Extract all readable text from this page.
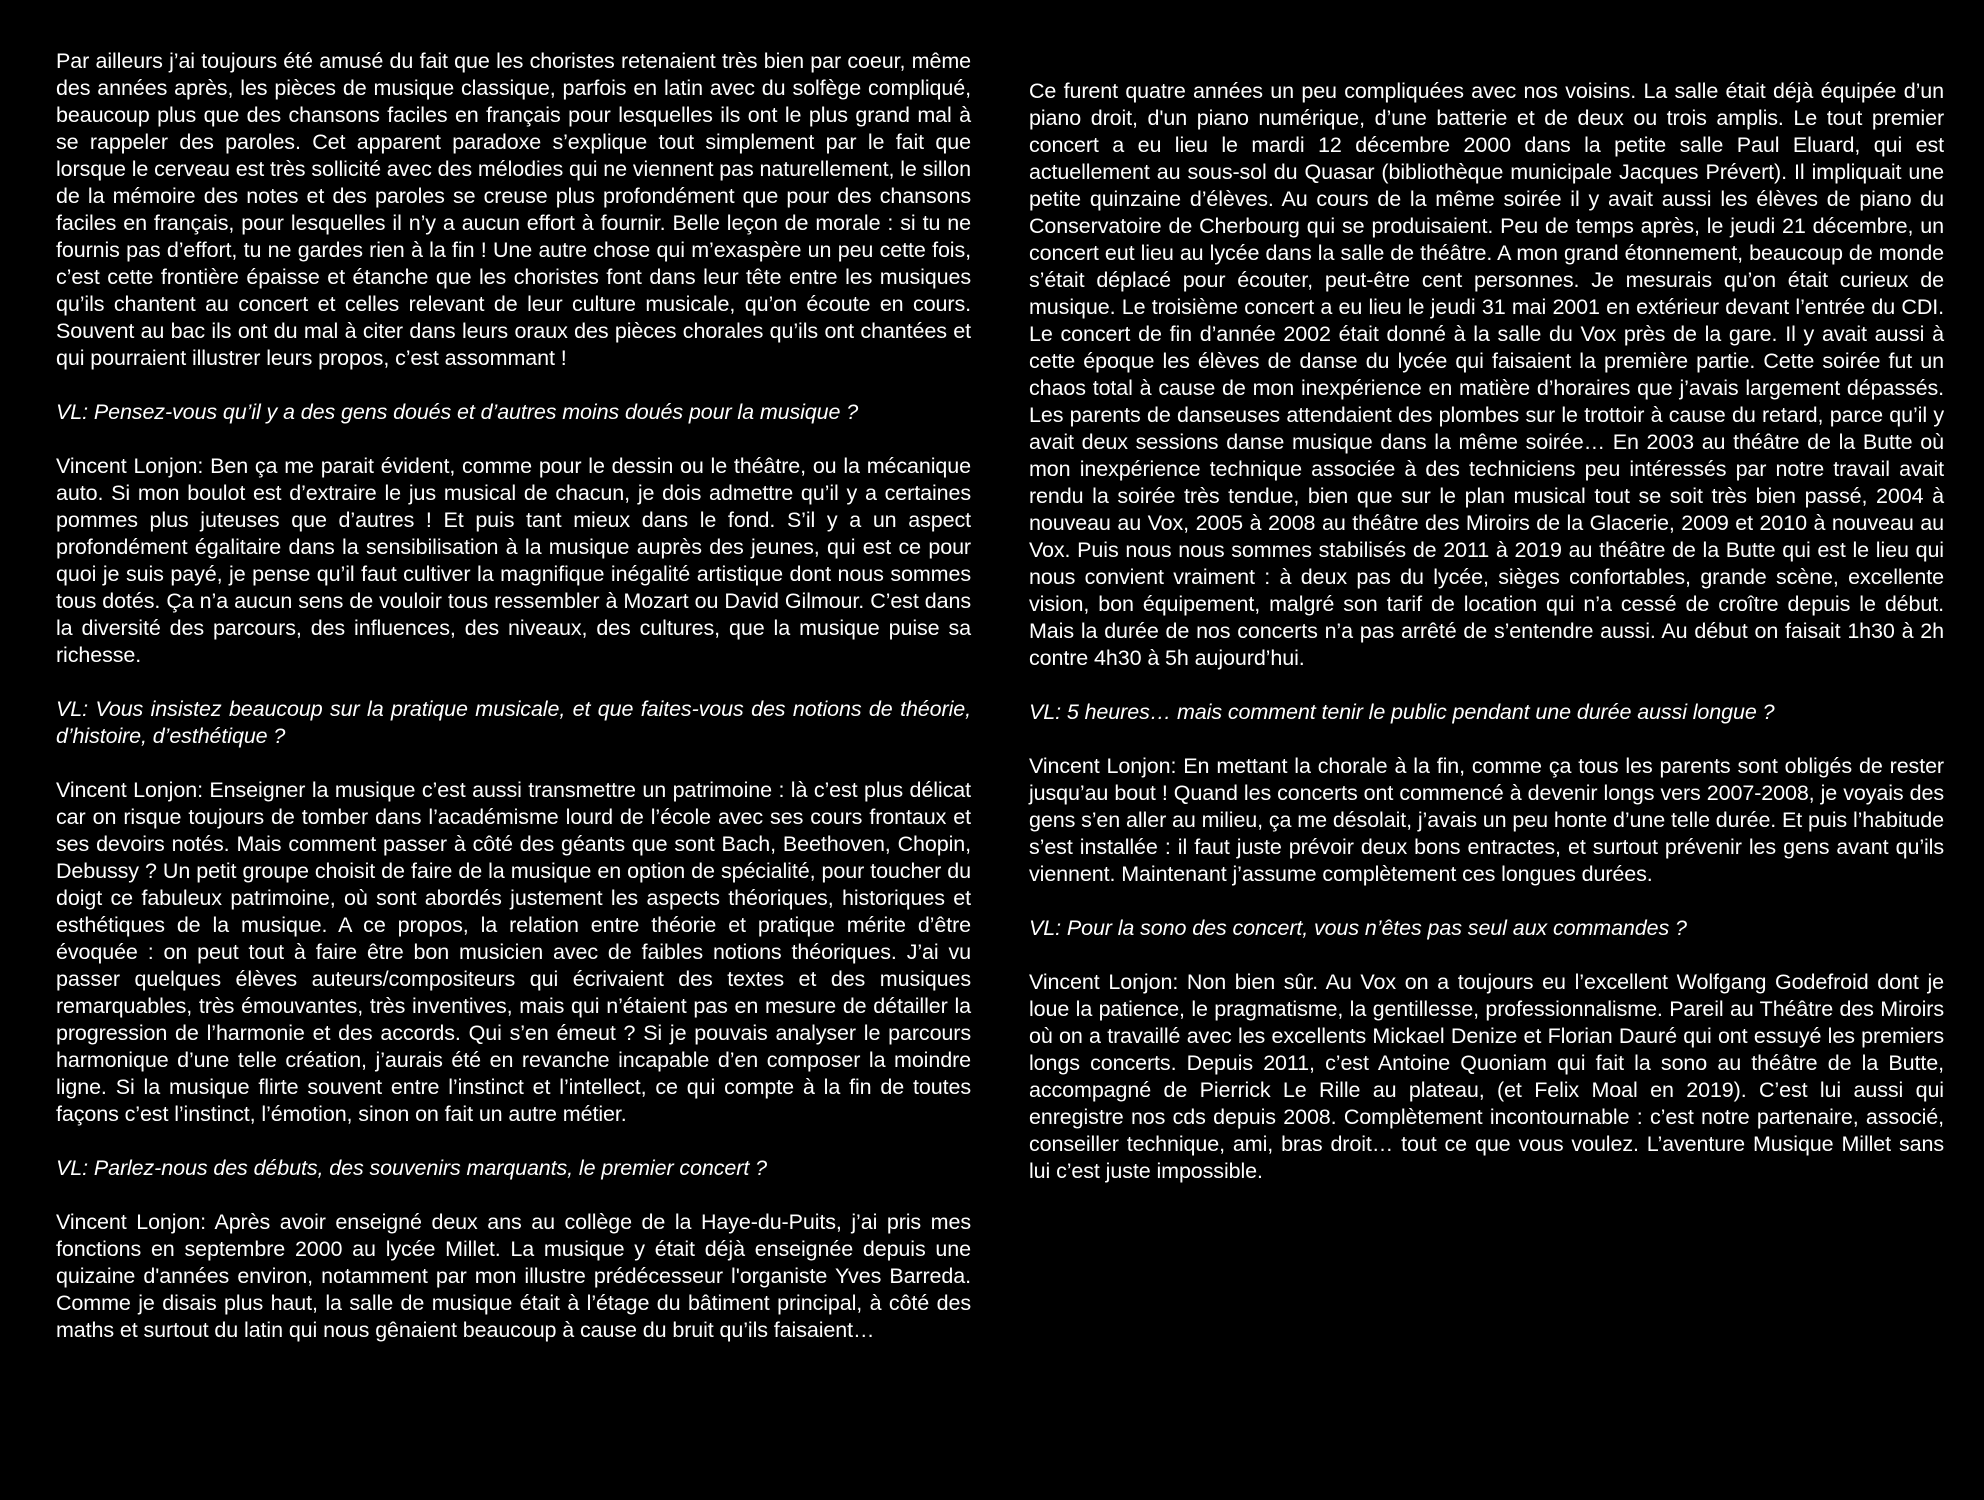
Par ailleurs j’ai toujours été amusé du fait que les choristes retenaient très bien par coeur, même des années après, les pièces de musique classique, parfois en latin avec du solfège compliqué, beaucoup plus que des chansons faciles en français pour lesquelles ils ont le plus grand mal à se rappeler des paroles. Cet apparent paradoxe s’explique tout simplement par le fait que lorsque le cerveau est très sollicité avec des mélodies qui ne viennent pas naturellement, le sillon de la mémoire des notes et des paroles se creuse plus profondément que pour des chansons faciles en français, pour lesquelles il n’y a aucun effort à fournir. Belle leçon de morale : si tu ne fournis pas d’effort, tu ne gardes rien à la fin ! Une autre chose qui m’exaspère un peu cette fois, c’est cette frontière épaisse et étanche que les choristes font dans leur tête entre les musiques qu’ils chantent au concert et celles relevant de leur culture musicale, qu’on écoute en cours. Souvent au bac ils ont du mal à citer dans leurs oraux des pièces chorales qu’ils ont chantées et qui pourraient illustrer leurs propos, c’est assommant !

VL: Pensez-vous qu’il y a des gens doués et d’autres moins doués pour la musique ?

Vincent Lonjon: Ben ça me parait évident, comme pour le dessin ou le théâtre, ou la mécanique auto. Si mon boulot est d’extraire le jus musical de chacun, je dois admettre qu’il y a certaines pommes plus juteuses que d’autres ! Et puis tant mieux dans le fond. S’il y a un aspect profondément égalitaire dans la sensibilisation à la musique auprès des jeunes, qui est ce pour quoi je suis payé, je pense qu’il faut cultiver la magnifique inégalité artistique dont nous sommes tous dotés. Ça n’a aucun sens de vouloir tous ressembler à Mozart ou David Gilmour. C’est dans la diversité des parcours, des influences, des niveaux, des cultures, que la musique puise sa richesse.

VL: Vous insistez beaucoup sur la pratique musicale, et que faites-vous des notions de théorie, d’histoire, d’esthétique ?

Vincent Lonjon: Enseigner la musique c’est aussi transmettre un patrimoine : là c’est plus délicat car on risque toujours de tomber dans l’académisme lourd de l’école avec ses cours frontaux et ses devoirs notés. Mais comment passer à côté des géants que sont Bach, Beethoven, Chopin, Debussy ? Un petit groupe choisit de faire de la musique en option de spécialité, pour toucher du doigt ce fabuleux patrimoine, où sont abordés justement les aspects théoriques, historiques et esthétiques de la musique. A ce propos, la relation entre théorie et pratique mérite d’être évoquée : on peut tout à faire être bon musicien avec de faibles notions théoriques. J’ai vu passer quelques élèves auteurs/compositeurs qui écrivaient des textes et des musiques remarquables, très émouvantes, très inventives, mais qui n’étaient pas en mesure de détailler la progression de l’harmonie et des accords. Qui s’en émeut ? Si je pouvais analyser le parcours harmonique d’une telle création, j’aurais été en revanche incapable d’en composer la moindre ligne. Si la musique flirte souvent entre l’instinct et l’intellect, ce qui compte à la fin de toutes façons c’est l’instinct, l’émotion, sinon on fait un autre métier.

VL: Parlez-nous des débuts, des souvenirs marquants, le premier concert ?

Vincent Lonjon: Après avoir enseigné deux ans au collège de la Haye-du-Puits, j’ai pris mes fonctions en septembre 2000 au lycée Millet. La musique y était déjà enseignée depuis une quizaine d'années environ, notamment par mon illustre prédécesseur l'organiste Yves Barreda. Comme je disais plus haut, la salle de musique était à l’étage du bâtiment principal, à côté des maths et surtout du latin qui nous gênaient beaucoup à cause du bruit qu’ils faisaient…

Ce furent quatre années un peu compliquées avec nos voisins. La salle était déjà équipée d’un piano droit, d'un piano numérique, d’une batterie et de deux ou trois amplis. Le tout premier concert a eu lieu le mardi 12 décembre 2000 dans la petite salle Paul Eluard, qui est actuellement au sous-sol du Quasar (bibliothèque municipale Jacques Prévert). Il impliquait une petite quinzaine d’élèves. Au cours de la même soirée il y avait aussi les élèves de piano du Conservatoire de Cherbourg qui se produisaient. Peu de temps après, le jeudi 21 décembre, un concert eut lieu au lycée dans la salle de théâtre. A mon grand étonnement, beaucoup de monde s’était déplacé pour écouter, peut-être cent personnes. Je mesurais qu’on était curieux de musique. Le troisième concert a eu lieu le jeudi 31 mai 2001 en extérieur devant l’entrée du CDI. Le concert de fin d’année 2002 était donné à la salle du Vox près de la gare. Il y avait aussi à cette époque les élèves de danse du lycée qui faisaient la première partie. Cette soirée fut un chaos total à cause de mon inexpérience en matière d’horaires que j’avais largement dépassés. Les parents de danseuses attendaient des plombes sur le trottoir à cause du retard, parce qu’il y avait deux sessions danse musique dans la même soirée… En 2003 au théâtre de la Butte où mon inexpérience technique associée à des techniciens peu intéressés par notre travail avait rendu la soirée très tendue, bien que sur le plan musical tout se soit très bien passé, 2004 à nouveau au Vox, 2005 à 2008 au théâtre des Miroirs de la Glacerie, 2009 et 2010 à nouveau au Vox. Puis nous nous sommes stabilisés de 2011 à 2019 au théâtre de la Butte qui est le lieu qui nous convient vraiment : à deux pas du lycée, sièges confortables, grande scène, excellente vision, bon équipement, malgré son tarif de location qui n’a cessé de croître depuis le début. Mais la durée de nos concerts n’a pas arrêté de s’entendre aussi. Au début on faisait 1h30 à 2h contre 4h30 à 5h aujourd’hui.

VL: 5 heures… mais comment tenir le public pendant une durée aussi longue ?

Vincent Lonjon: En mettant la chorale à la fin, comme ça tous les parents sont obligés de rester jusqu’au bout ! Quand les concerts ont commencé à devenir longs vers 2007-2008, je voyais des gens s’en aller au milieu, ça me désolait, j’avais un peu honte d’une telle durée. Et puis l’habitude s’est installée : il faut juste prévoir deux bons entractes, et surtout prévenir les gens avant qu’ils viennent. Maintenant j’assume complètement ces longues durées.

VL: Pour la sono des concert, vous n’êtes pas seul aux commandes ?

Vincent Lonjon: Non bien sûr. Au Vox on a toujours eu l’excellent Wolfgang Godefroid dont je loue la patience, le pragmatisme, la gentillesse, professionnalisme. Pareil au Théâtre des Miroirs où on a travaillé avec les excellents Mickael Denize et Florian Dauré qui ont essuyé les premiers longs concerts. Depuis 2011, c’est Antoine Quoniam qui fait la sono au théâtre de la Butte, accompagné de Pierrick Le Rille au plateau, (et Felix Moal en 2019). C’est lui aussi qui enregistre nos cds depuis 2008. Complètement incontournable : c’est notre partenaire, associé, conseiller technique, ami, bras droit… tout ce que vous voulez. L’aventure Musique Millet sans lui c’est juste impossible.
